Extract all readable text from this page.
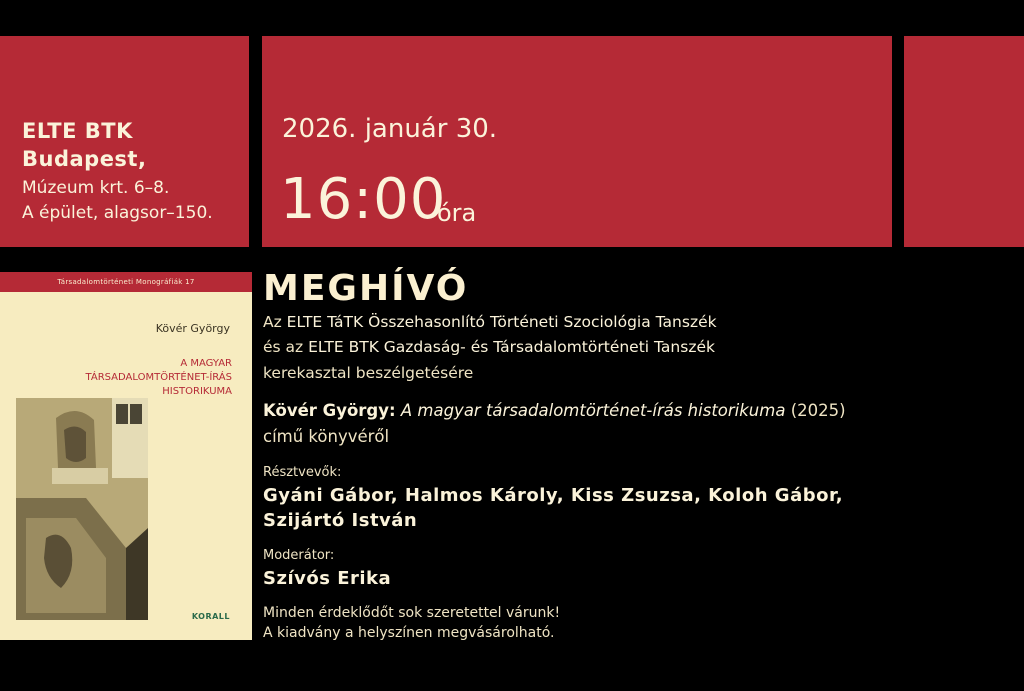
ELTE BTK
Budapest,
Múzeum krt. 6–8.
A épület, alagsor–150.
2026. január 30.
16:00
óra
Társadalomtörténeti Monográfiák 17
Kövér György
A MAGYAR
TÁRSADALOMTÖRTÉNET-ÍRÁS
HISTORIKUMA
KORALL
MEGHÍVÓ
Az ELTE TáTK Összehasonlító Történeti Szociológia Tanszék
és az ELTE BTK Gazdaság- és Társadalomtörténeti Tanszék
kerekasztal beszélgetésére
Kövér György: A magyar társadalomtörténet-írás historikuma (2025)
című könyvéről
Résztvevők:
Gyáni Gábor, Halmos Károly, Kiss Zsuzsa, Koloh Gábor,
Szijártó István
Moderátor:
Szívós Erika
Minden érdeklődőt sok szeretettel várunk!
A kiadvány a helyszínen megvásárolható.
